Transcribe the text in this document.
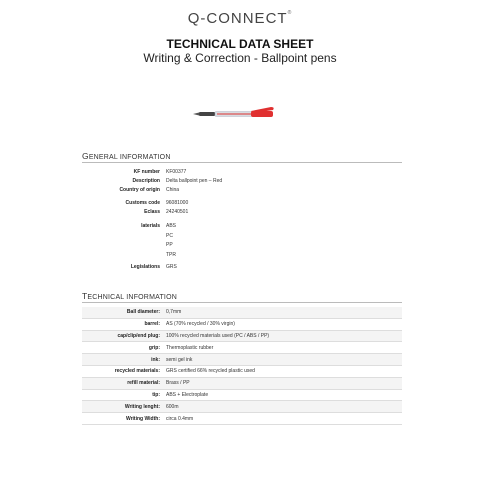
Q-CONNECT®
TECHNICAL DATA SHEET
Writing & Correction - Ballpoint pens
GENERAL INFORMATION
KF number	KF00377
Description	Delta ballpoint pen – Red
Country of origin	China
Customs code	96081000
Eclass	24240501
laterials	ABS
PC
PP
TPR
Legislations	GRS
TECHNICAL INFORMATION
Ball diameter:	0,7mm
barrel:	AS (70% recycled / 30% virgin)
cap/clip/end plug:	100% recycled materials used (PC / ABS / PP)
grip:	Thermoplastic rubber
ink:	semi gel ink
recycled materials:	GRS certified 66% recycled plastic used
refill material:	Brass / PP
tip:	ABS + Electroplate
Writing lenght:	600m
Writing Width:	circa 0.4mm
